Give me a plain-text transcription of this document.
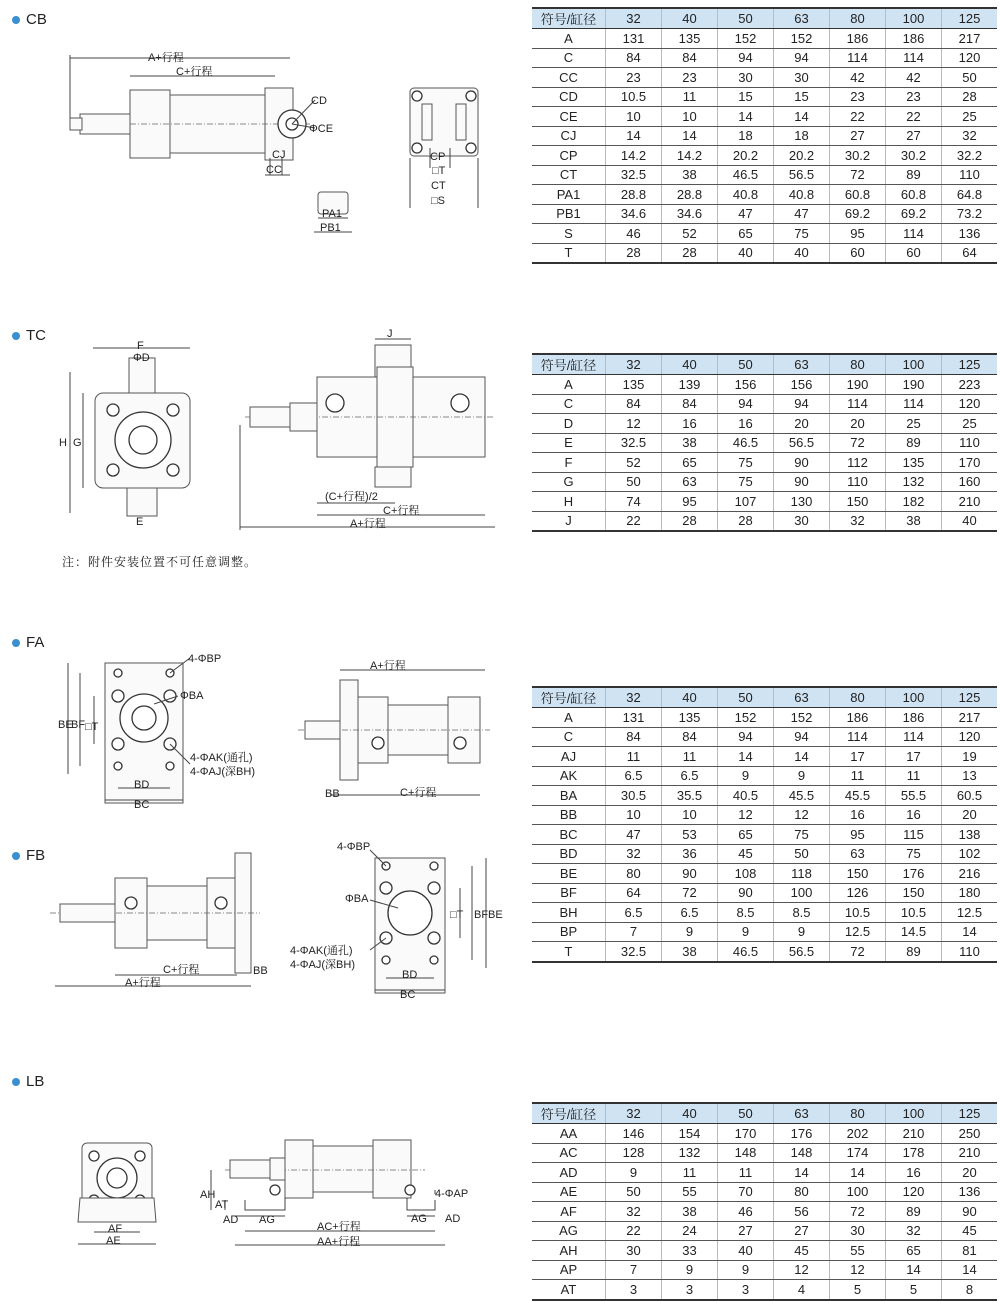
CB
TC
FA
FB
LB
注：附件安装位置不可任意调整。
符号/缸径	32	40	50	63	80	100	125
A	131	135	152	152	186	186	217
C	84	84	94	94	114	114	120
CC	23	23	30	30	42	42	50
CD	10.5	11	15	15	23	23	28
CE	10	10	14	14	22	22	25
CJ	14	14	18	18	27	27	32
CP	14.2	14.2	20.2	20.2	30.2	30.2	32.2
CT	32.5	38	46.5	56.5	72	89	110
PA1	28.8	28.8	40.8	40.8	60.8	60.8	64.8
PB1	34.6	34.6	47	47	69.2	69.2	73.2
S	46	52	65	75	95	114	136
T	28	28	40	40	60	60	64
符号/缸径	32	40	50	63	80	100	125
A	135	139	156	156	190	190	223
C	84	84	94	94	114	114	120
D	12	16	16	20	20	25	25
E	32.5	38	46.5	56.5	72	89	110
F	52	65	75	90	112	135	170
G	50	63	75	90	110	132	160
H	74	95	107	130	150	182	210
J	22	28	28	30	32	38	40
符号/缸径	32	40	50	63	80	100	125
A	131	135	152	152	186	186	217
C	84	84	94	94	114	114	120
AJ	11	11	14	14	17	17	19
AK	6.5	6.5	9	9	11	11	13
BA	30.5	35.5	40.5	45.5	45.5	55.5	60.5
BB	10	10	12	12	16	16	20
BC	47	53	65	75	95	115	138
BD	32	36	45	50	63	75	102
BE	80	90	108	118	150	176	216
BF	64	72	90	100	126	150	180
BH	6.5	6.5	8.5	8.5	10.5	10.5	12.5
BP	7	9	9	9	12.5	14.5	14
T	32.5	38	46.5	56.5	72	89	110
符号/缸径	32	40	50	63	80	100	125
AA	146	154	170	176	202	210	250
AC	128	132	148	148	174	178	210
AD	9	11	11	14	14	16	20
AE	50	55	70	80	100	120	136
AF	32	38	46	56	72	89	90
AG	22	24	27	27	30	32	45
AH	30	33	40	45	55	65	81
AP	7	9	9	12	12	14	14
AT	3	3	3	4	5	5	8
A+行程
C+行程
CD
ΦCE
CJ
CC
PA1
PB1
CP
□T
CT
□S
F
ΦD
G
H
E
J
(C+行程)/2
C+行程
A+行程
4-ΦBP
ΦBA
BE
BF □T
4-ΦAK(通孔)
4-ΦAJ(深BH)
BD
BC
A+行程
BB	C+行程
C+行程
A+行程
BB
4-ΦBP
ΦBA
□T BF BE
4-ΦAK(通孔)
4-ΦAJ(深BH)
BD
BC
AF
AE
AH
AT
AD AG
AC+行程
AA+行程
4-ΦAP
AG AD
